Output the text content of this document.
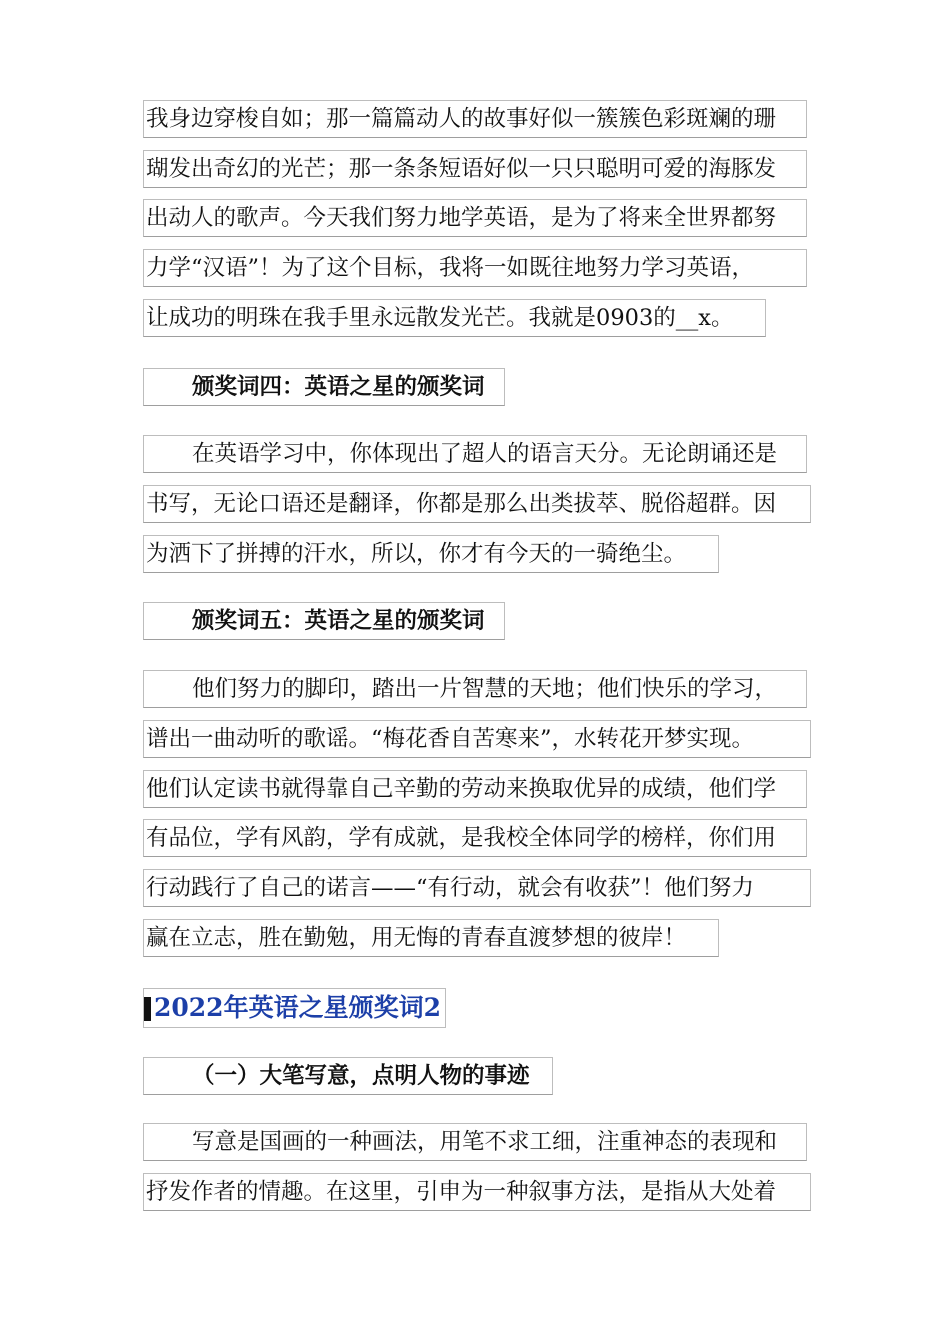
我身边穿梭自如；那一篇篇动人的故事好似一簇簇色彩斑斓的珊
瑚发出奇幻的光芒；那一条条短语好似一只只聪明可爱的海豚发
出动人的歌声。今天我们努力地学英语，是为了将来全世界都努
力学“汉语”！为了这个目标，我将一如既往地努力学习英语，
让成功的明珠在我手里永远散发光芒。我就是0903的__x。
颁奖词四：英语之星的颁奖词
在英语学习中，你体现出了超人的语言天分。无论朗诵还是
书写，无论口语还是翻译，你都是那么出类拔萃、脱俗超群。因
为洒下了拼搏的汗水，所以，你才有今天的一骑绝尘。
颁奖词五：英语之星的颁奖词
他们努力的脚印，踏出一片智慧的天地；他们快乐的学习，
谱出一曲动听的歌谣。“梅花香自苦寒来”，水转花开梦实现。
他们认定读书就得靠自己辛勤的劳动来换取优异的成绩，他们学
有品位，学有风韵，学有成就，是我校全体同学的榜样，你们用
行动践行了自己的诺言——“有行动，就会有收获”！他们努力
赢在立志，胜在勤勉，用无悔的青春直渡梦想的彼岸！
2022年英语之星颁奖词2
（一）大笔写意，点明人物的事迹
写意是国画的一种画法，用笔不求工细，注重神态的表现和
抒发作者的情趣。在这里，引申为一种叙事方法，是指从大处着
